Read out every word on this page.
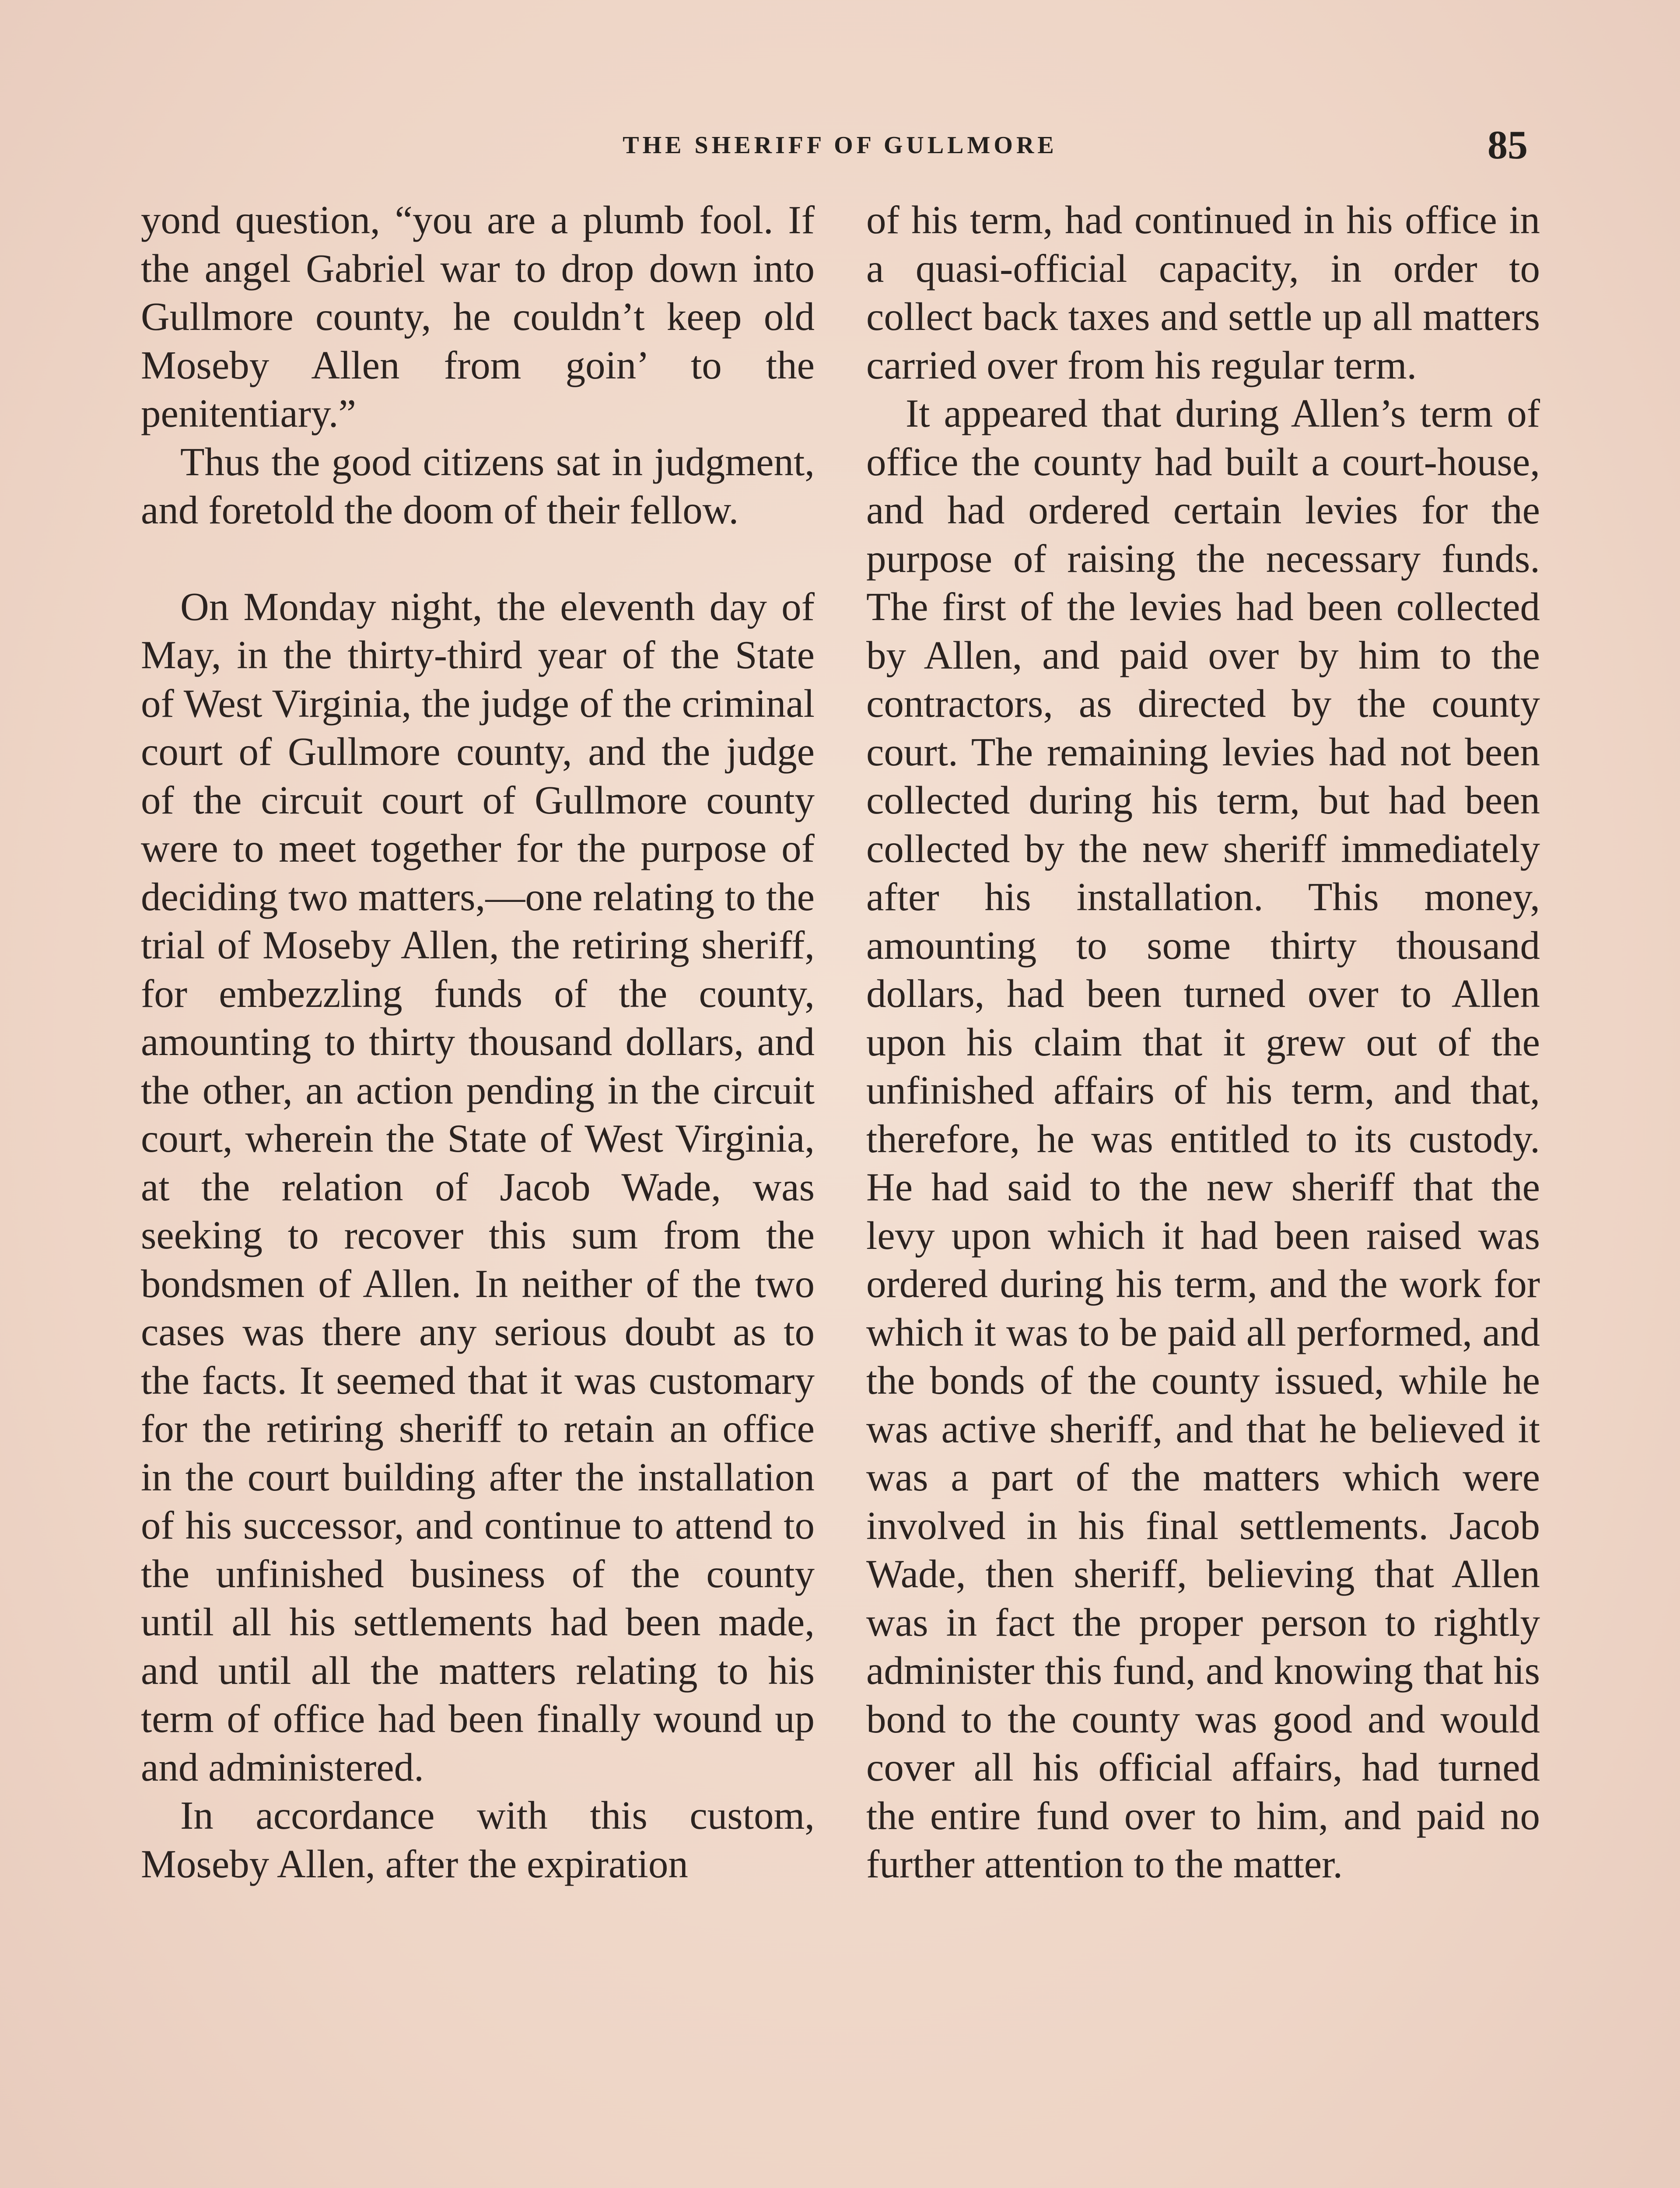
THE SHERIFF OF GULLMORE	85

yond question, “you are a plumb fool. If the angel Gabriel war to drop down into Gullmore county, he couldn’t keep old Moseby Allen from goin’ to the penitentiary.”

Thus the good citizens sat in judgment, and foretold the doom of their fellow.

On Monday night, the eleventh day of May, in the thirty-third year of the State of West Virginia, the judge of the criminal court of Gullmore county, and the judge of the circuit court of Gullmore county were to meet together for the purpose of deciding two matters,—one relating to the trial of Moseby Allen, the retiring sheriff, for embezzling funds of the county, amounting to thirty thousand dollars, and the other, an action pending in the circuit court, wherein the State of West Virginia, at the relation of Jacob Wade, was seeking to recover this sum from the bondsmen of Allen. In neither of the two cases was there any serious doubt as to the facts. It seemed that it was customary for the retiring sheriff to retain an office in the court building after the installation of his successor, and continue to attend to the unfinished business of the county until all his settlements had been made, and until all the matters relating to his term of office had been finally wound up and administered.

In accordance with this custom, Moseby Allen, after the expiration

of his term, had continued in his office in a quasi-official capacity, in order to collect back taxes and settle up all matters carried over from his regular term.

It appeared that during Allen’s term of office the county had built a court-house, and had ordered certain levies for the purpose of raising the necessary funds. The first of the levies had been collected by Allen, and paid over by him to the contractors, as directed by the county court. The remaining levies had not been collected during his term, but had been collected by the new sheriff immediately after his installation. This money, amounting to some thirty thousand dollars, had been turned over to Allen upon his claim that it grew out of the unfinished affairs of his term, and that, therefore, he was entitled to its custody. He had said to the new sheriff that the levy upon which it had been raised was ordered during his term, and the work for which it was to be paid all performed, and the bonds of the county issued, while he was active sheriff, and that he believed it was a part of the matters which were involved in his final settlements. Jacob Wade, then sheriff, believing that Allen was in fact the proper person to rightly administer this fund, and knowing that his bond to the county was good and would cover all his official affairs, had turned the entire fund over to him, and paid no further attention to the matter.
